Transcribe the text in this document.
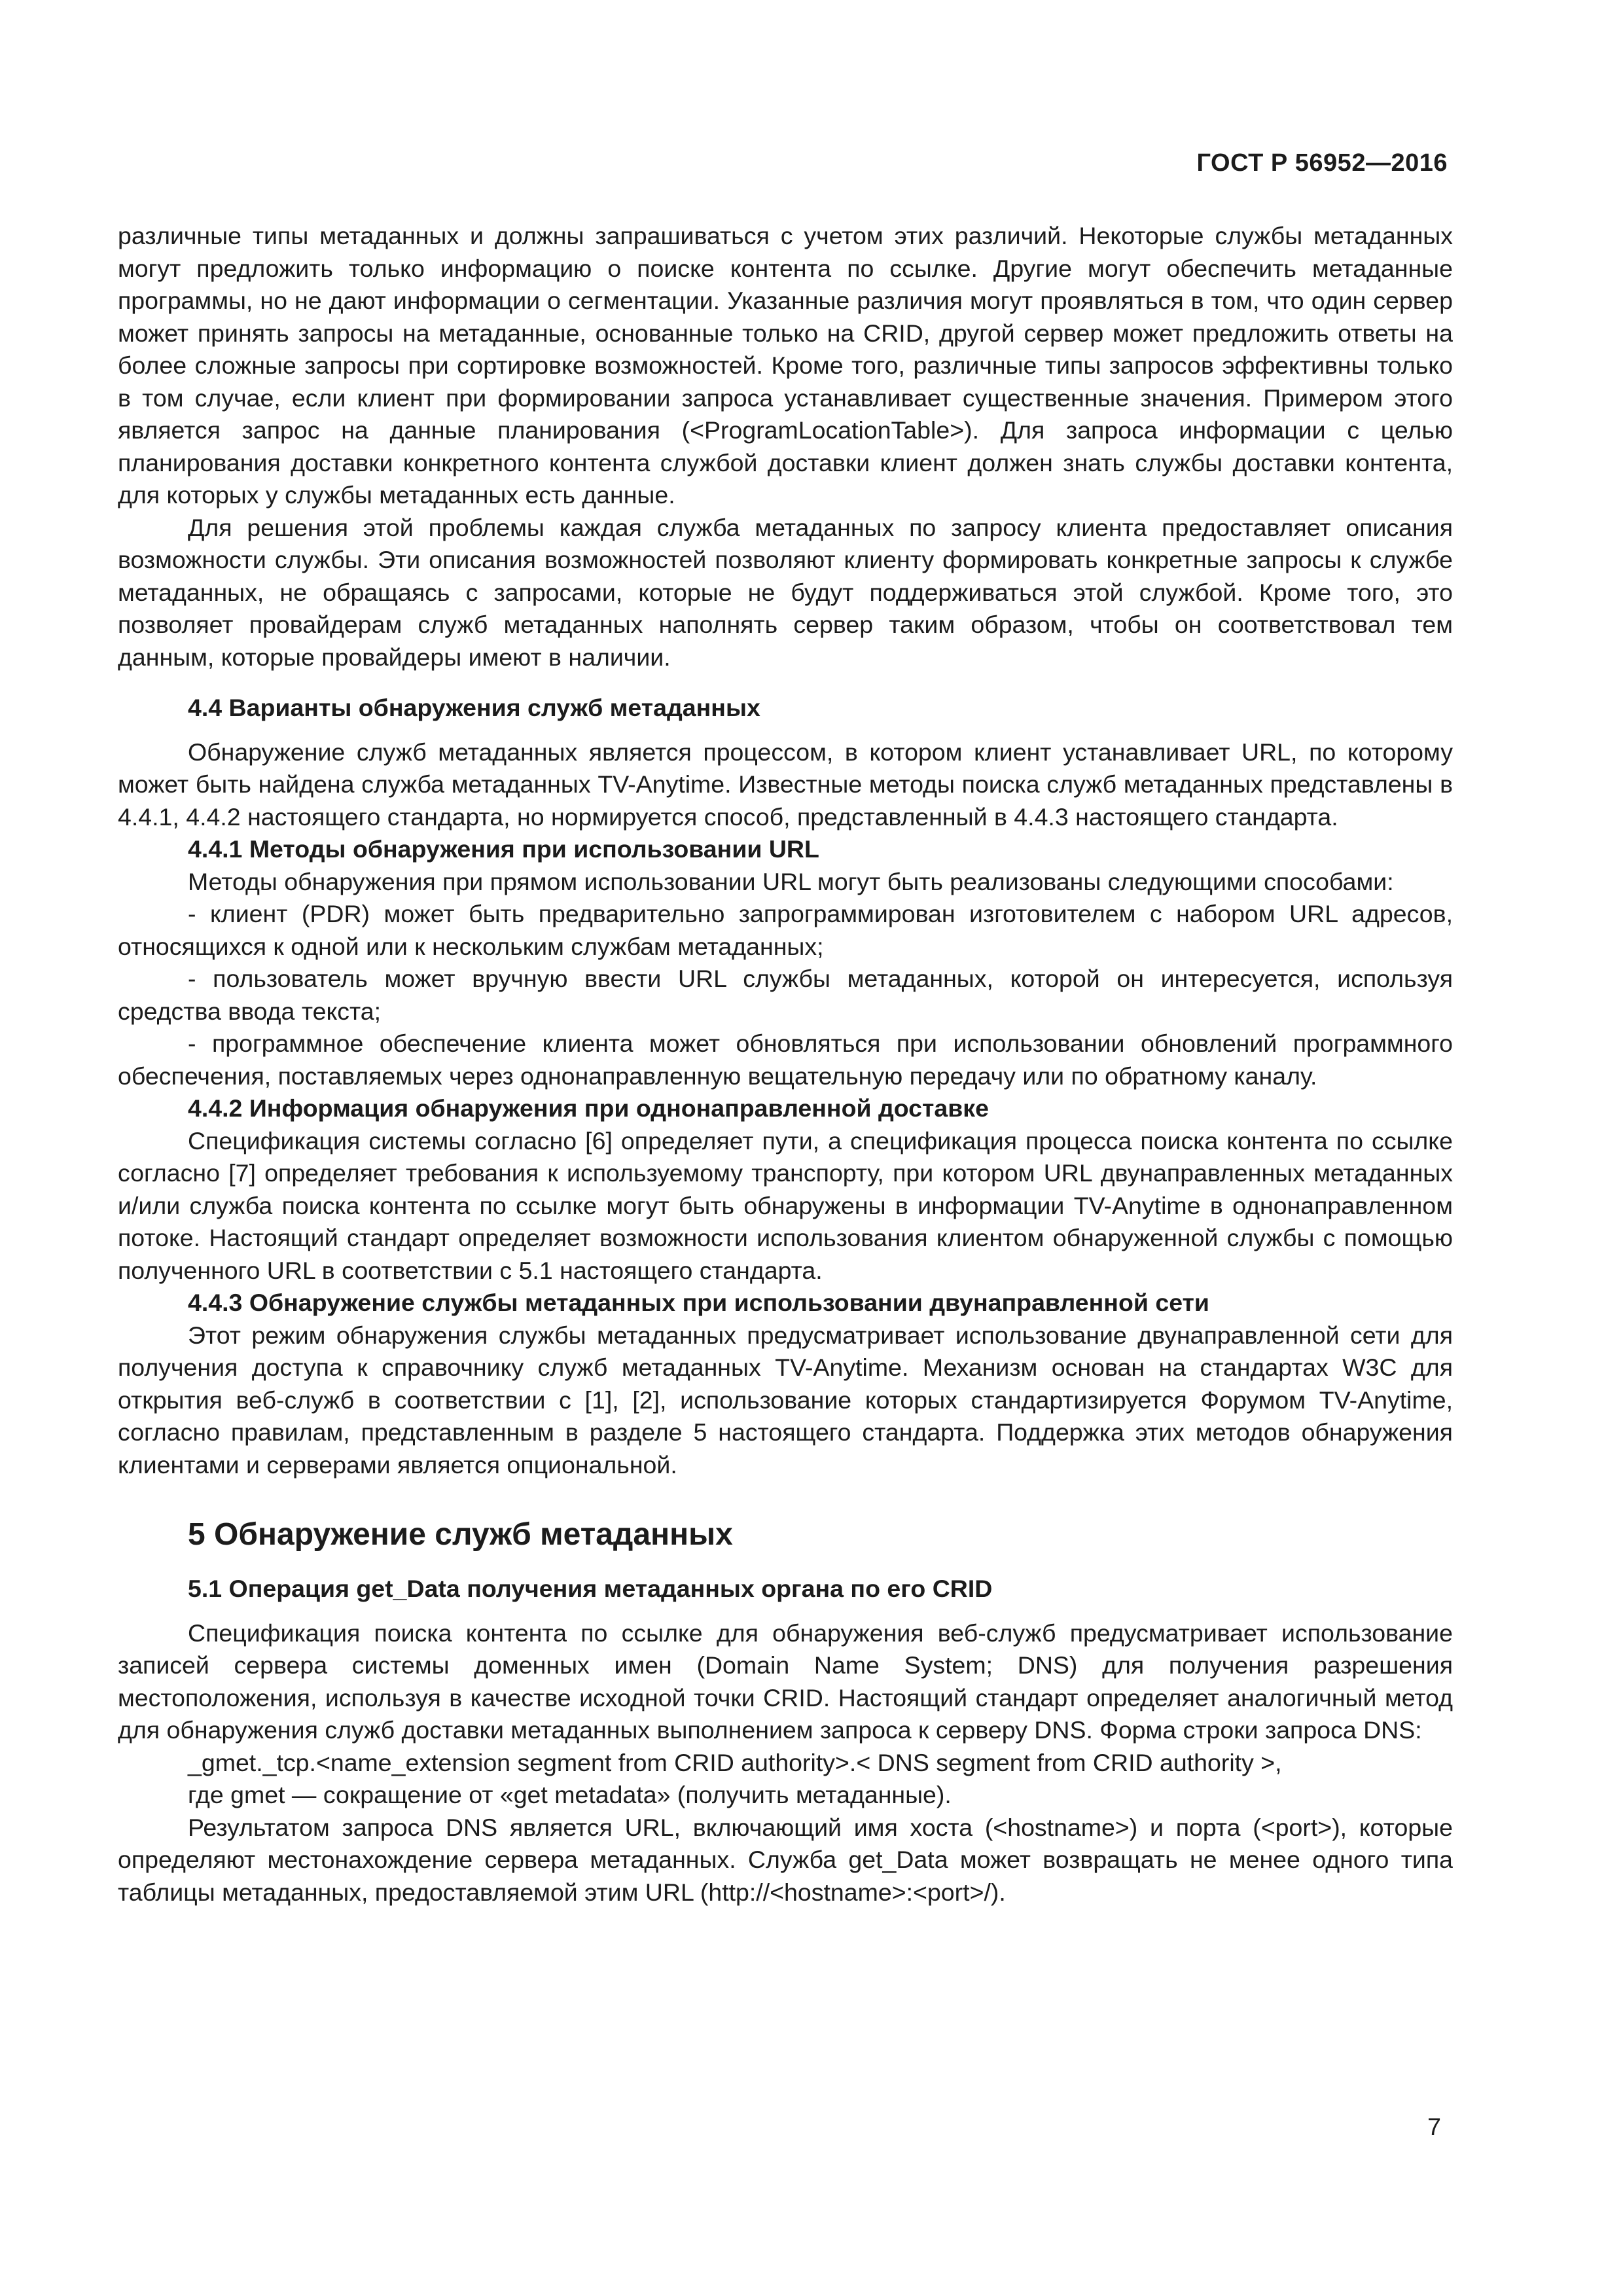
ГОСТ Р 56952—2016

различные типы метаданных и должны запрашиваться с учетом этих различий. Некоторые службы метаданных могут предложить только информацию о поиске контента по ссылке. Другие могут обеспечить метаданные программы, но не дают информации о сегментации. Указанные различия могут проявляться в том, что один сервер может принять запросы на метаданные, основанные только на CRID, другой сервер может предложить ответы на более сложные запросы при сортировке возможностей. Кроме того, различные типы запросов эффективны только в том случае, если клиент при формировании запроса устанавливает существенные значения. Примером этого является запрос на данные планирования (<ProgramLocationTable>). Для запроса информации с целью планирования доставки конкретного контента службой доставки клиент должен знать службы доставки контента, для которых у службы метаданных есть данные.

Для решения этой проблемы каждая служба метаданных по запросу клиента предоставляет описания возможности службы. Эти описания возможностей позволяют клиенту формировать конкретные запросы к службе метаданных, не обращаясь с запросами, которые не будут поддерживаться этой службой. Кроме того, это позволяет провайдерам служб метаданных наполнять сервер таким образом, чтобы он соответствовал тем данным, которые провайдеры имеют в наличии.

4.4 Варианты обнаружения служб метаданных

Обнаружение служб метаданных является процессом, в котором клиент устанавливает URL, по которому может быть найдена служба метаданных TV-Anytime. Известные методы поиска служб метаданных представлены в 4.4.1, 4.4.2 настоящего стандарта, но нормируется способ, представленный в 4.4.3 настоящего стандарта.

4.4.1 Методы обнаружения при использовании URL

Методы обнаружения при прямом использовании URL могут быть реализованы следующими способами:

- клиент (PDR) может быть предварительно запрограммирован изготовителем с набором URL адресов, относящихся к одной или к нескольким службам метаданных;

- пользователь может вручную ввести URL службы метаданных, которой он интересуется, используя средства ввода текста;

- программное обеспечение клиента может обновляться при использовании обновлений программного обеспечения, поставляемых через однонаправленную вещательную передачу или по обратному каналу.

4.4.2 Информация обнаружения при однонаправленной доставке

Спецификация системы согласно [6] определяет пути, а спецификация процесса поиска контента по ссылке согласно [7] определяет требования к используемому транспорту, при котором URL двунаправленных метаданных и/или служба поиска контента по ссылке могут быть обнаружены в информации TV-Anytime в однонаправленном потоке. Настоящий стандарт определяет возможности использования клиентом обнаруженной службы с помощью полученного URL в соответствии с 5.1 настоящего стандарта.

4.4.3 Обнаружение службы метаданных при использовании двунаправленной сети

Этот режим обнаружения службы метаданных предусматривает использование двунаправленной сети для получения доступа к справочнику служб метаданных TV-Anytime. Механизм основан на стандартах W3C для открытия веб-служб в соответствии с [1], [2], использование которых стандартизируется Форумом TV-Anytime, согласно правилам, представленным в разделе 5 настоящего стандарта. Поддержка этих методов обнаружения клиентами и серверами является опциональной.

5 Обнаружение служб метаданных
5.1 Операция get_Data получения метаданных органа по его CRID

Спецификация поиска контента по ссылке для обнаружения веб-служб предусматривает использование записей сервера системы доменных имен (Domain Name System; DNS) для получения разрешения местоположения, используя в качестве исходной точки CRID. Настоящий стандарт определяет аналогичный метод для обнаружения служб доставки метаданных выполнением запроса к серверу DNS. Форма строки запроса DNS:

_gmet._tcp.<name_extension segment from CRID authority>.< DNS segment from CRID authority >,

где gmet — сокращение от «get metadata» (получить метаданные).

Результатом запроса DNS является URL, включающий имя хоста (<hostname>) и порта (<port>), которые определяют местонахождение сервера метаданных. Служба get_Data может возвращать не менее одного типа таблицы метаданных, предоставляемой этим URL (http://<hostname>:<port>/).

7
